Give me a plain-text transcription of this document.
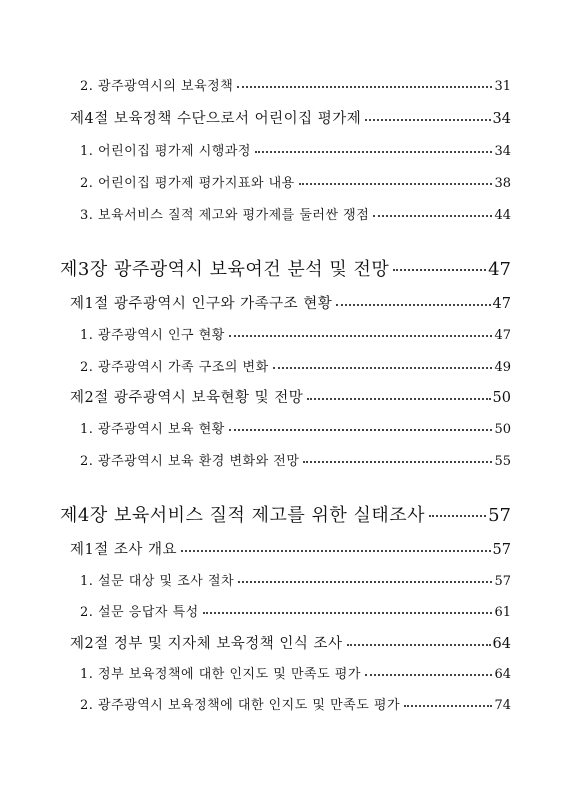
2. 광주광역시의 보육정책	31
제4절 보육정책 수단으로서 어린이집 평가제	34
1. 어린이집 평가제 시행과정	34
2. 어린이집 평가제 평가지표와 내용	38
3. 보육서비스 질적 제고와 평가제를 둘러싼 쟁점	44
제3장 광주광역시 보육여건 분석 및 전망	47
제1절 광주광역시 인구와 가족구조 현황	47
1. 광주광역시 인구 현황	47
2. 광주광역시 가족 구조의 변화	49
제2절 광주광역시 보육현황 및 전망	50
1. 광주광역시 보육 현황	50
2. 광주광역시 보육 환경 변화와 전망	55
제4장 보육서비스 질적 제고를 위한 실태조사	57
제1절 조사 개요	57
1. 설문 대상 및 조사 절차	57
2. 설문 응답자 특성	61
제2절 정부 및 지자체 보육정책 인식 조사	64
1. 정부 보육정책에 대한 인지도 및 만족도 평가	64
2. 광주광역시 보육정책에 대한 인지도 및 만족도 평가	74
